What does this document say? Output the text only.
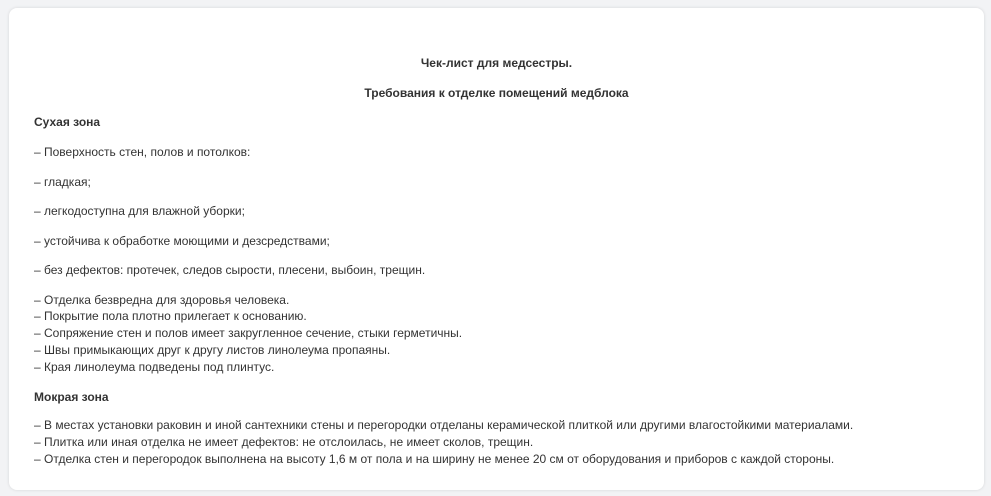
Чек-лист для медсестры.

Требования к отделке помещений медблока

Сухая зона

– Поверхность стен, полов и потолков:

– гладкая;

– легкодоступна для влажной уборки;

– устойчива к обработке моющими и дезсредствами;

– без дефектов: протечек, следов сырости, плесени, выбоин, трещин.

– Отделка безвредна для здоровья человека.
– Покрытие пола плотно прилегает к основанию.
– Сопряжение стен и полов имеет закругленное сечение, стыки герметичны.
– Швы примыкающих друг к другу листов линолеума пропаяны.
– Края линолеума подведены под плинтус.

Мокрая зона

– В местах установки раковин и иной сантехники стены и перегородки отделаны керамической плиткой или другими влагостойкими материалами.
– Плитка или иная отделка не имеет дефектов: не отслоилась, не имеет сколов, трещин.
– Отделка стен и перегородок выполнена на высоту 1,6 м от пола и на ширину не менее 20 см от оборудования и приборов с каждой стороны.
